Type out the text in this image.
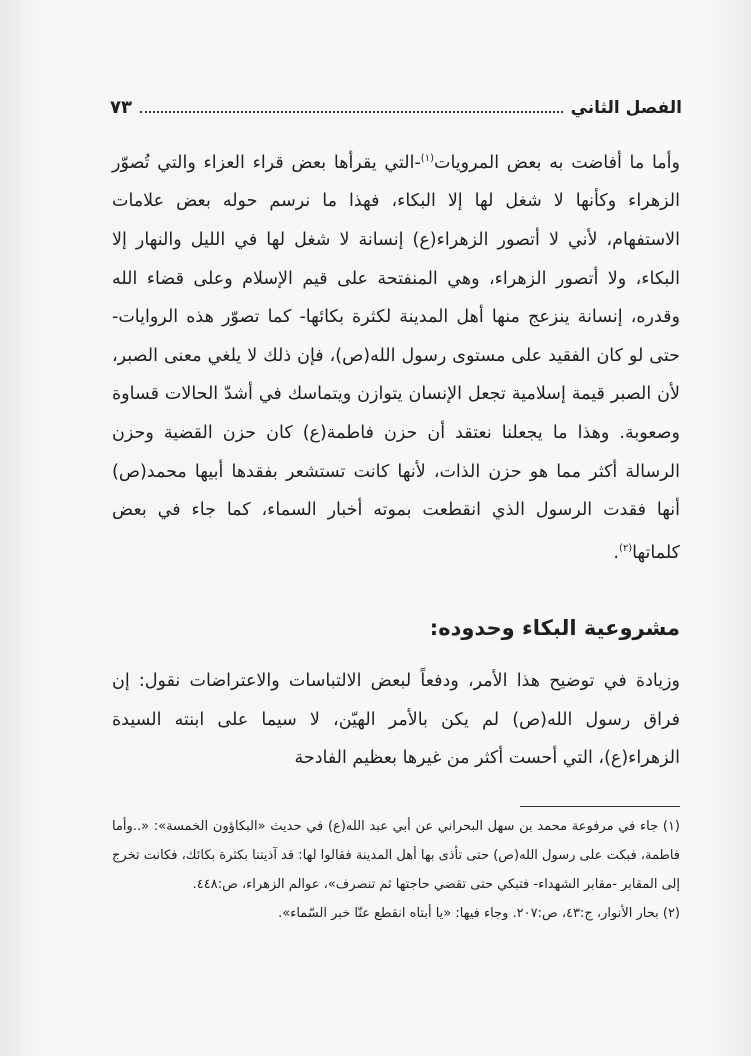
الفصل الثاني
٧٣

وأما ما أفاضت به بعض المرويات$^{(١)}$-التي يقرأها بعض قراء العزاء والتي تُصوّر الزهراء وكأنها لا شغل لها إلا البكاء، فهذا ما نرسم حوله بعض علامات الاستفهام، لأني لا أتصور الزهراء(ع) إنسانة لا شغل لها في الليل والنهار إلا البكاء، ولا أتصور الزهراء، وهي المنفتحة على قيم الإسلام وعلى قضاء الله وقدره، إنسانة ينزعج منها أهل المدينة لكثرة بكائها- كما تصوّر هذه الروايات- حتى لو كان الفقيد على مستوى رسول الله(ص)، فإن ذلك لا يلغي معنى الصبر، لأن الصبر قيمة إسلامية تجعل الإنسان يتوازن ويتماسك في أشدّ الحالات قساوة وصعوبة. وهذا ما يجعلنا نعتقد أن حزن فاطمة(ع) كان حزن القضية وحزن الرسالة أكثر مما هو حزن الذات، لأنها كانت تستشعر بفقدها أبيها محمد(ص) أنها فقدت الرسول الذي انقطعت بموته أخبار السماء، كما جاء في بعض كلماتها$^{(٢)}$.

مشروعية البكاء وحدوده:
وزيادة في توضيح هذا الأمر، ودفعاً لبعض الالتباسات والاعتراضات نقول: إن فراق رسول الله(ص) لم يكن بالأمر الهيّن، لا سيما على ابنته السيدة الزهراء(ع)، التي أحست أكثر من غيرها بعظيم الفادحة

(١) جاء في مرفوعة محمد بن سهل البحراني عن أبي عبد الله(ع) في حديث «البكاؤون الخمسة»: «..وأما فاطمة، فبكت على رسول الله(ص) حتى تأذى بها أهل المدينة فقالوا لها: قد آذيتنا بكثرة بكائك، فكانت تخرج إلى المقابر -مقابر الشهداء- فتبكي حتى تقضي حاجتها ثم تنصرف»، عوالم الزهراء، ص:٤٤٨.

(٢) بحار الأنوار، ج:٤٣، ص:٢٠٧. وجاء فيها: «يا أبتاه انقطع عنّا خبر السّماء».
